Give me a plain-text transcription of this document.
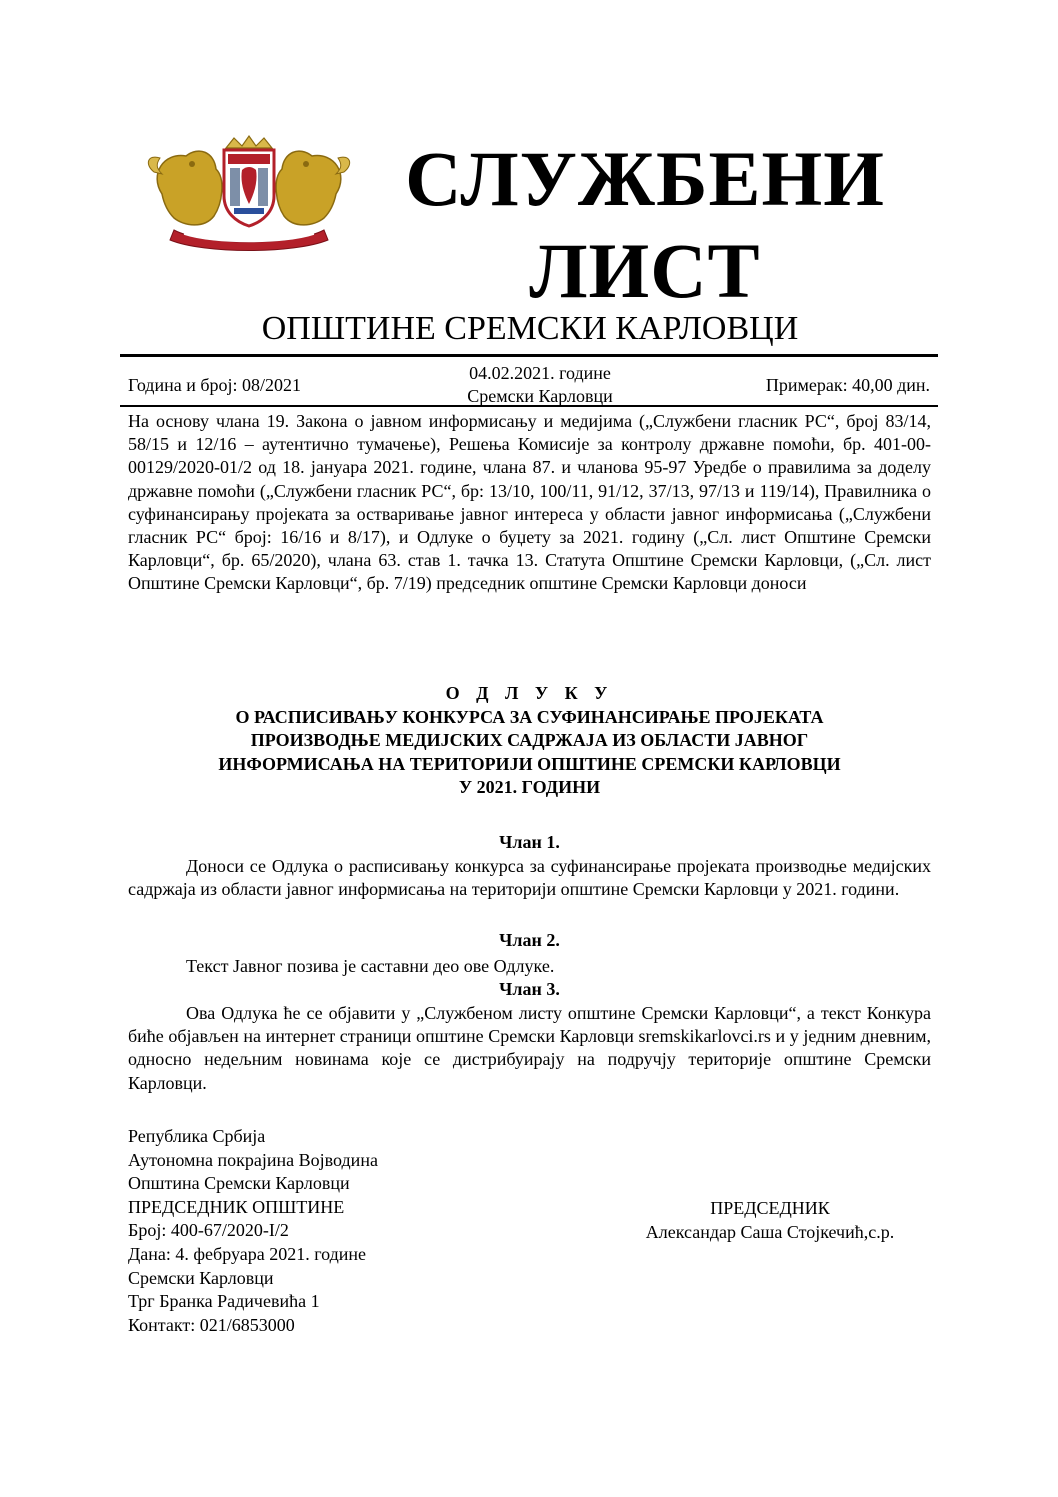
СЛУЖБЕНИ
ЛИСТ
ОПШТИНЕ СРЕМСКИ КАРЛОВЦИ
Година и број: 08/2021
04.02.2021. године
Сремски Карловци
Примерак: 40,00 дин.
На основу члана 19. Закона о јавном информисању и медијима („Службени гласник РС“, број 83/14, 58/15 и 12/16 – аутентично тумачење), Решења Комисије за контролу државне помоћи, бр. 401-00-00129/2020-01/2 од 18. јануара 2021. године, члана 87. и чланова 95-97 Уредбе о правилима за доделу државне помоћи („Службени гласник РС“, бр: 13/10, 100/11, 91/12, 37/13, 97/13 и 119/14), Правилника о суфинансирању пројеката за остваривање јавног интереса у области јавног информисања („Службени гласник РС“ број: 16/16 и 8/17), и Одлуке о буџету за 2021. годину („Сл. лист Општине Сремски Карловци“, бр. 65/2020), члана 63. став 1. тачка 13. Статута Општине Сремски Карловци, („Сл. лист Општине Сремски Карловци“, бр. 7/19) председник општине Сремски Карловци доноси
О Д Л У К У
О РАСПИСИВАЊУ КОНКУРСА ЗА СУФИНАНСИРАЊЕ ПРОЈЕКАТА
ПРОИЗВОДЊЕ МЕДИЈСКИХ САДРЖАЈА ИЗ ОБЛАСТИ ЈАВНОГ
ИНФОРМИСАЊА НА ТЕРИТОРИЈИ ОПШТИНЕ СРЕМСКИ КАРЛОВЦИ
У 2021. ГОДИНИ
Члан 1.
Доноси се Одлука о расписивању конкурса за суфинансирање пројеката производње медијских садржаја из области јавног информисања на територији општине Сремски Карловци у 2021. години.
Члан 2.
Текст Јавног позива је саставни део ове Одлуке.
Члан 3.
Ова Одлука ће се објавити у „Службеном листу општине Сремски Карловци“, а текст Конкура биће објављен на интернет страници општине Сремски Карловци sremskikarlovci.rs и у једним дневним, односно недељним новинама које се дистрибуирају на подручју територије општине Сремски Карловци.
Република Србија
Аутономна покрајина Војводина
Општина Сремски Карловци
ПРЕДСЕДНИК ОПШТИНЕ
Број: 400-67/2020-I/2
Дана: 4. фебруара 2021. године
Сремски Карловци
Трг Бранка Радичевића 1
Контакт: 021/6853000
ПРЕДСЕДНИК
Александар Саша Стојкечић,с.р.
